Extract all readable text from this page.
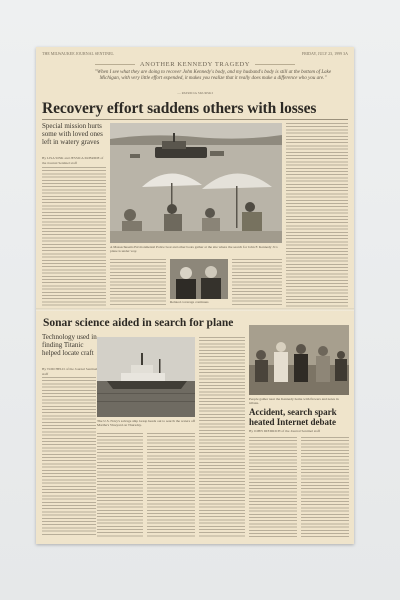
THE MILWAUKEE JOURNAL SENTINEL	FRIDAY, JULY 23, 1999 3A
ANOTHER KENNEDY TRAGEDY
"When I see what they are doing to recover John Kennedy's body, and my husband's body is still at the bottom of Lake Michigan, with very little effort expended, it makes you realize that it really does make a difference who you are."
— PATRICIA SKURSKI
Recovery effort saddens others with losses
Special mission hurts some with loved ones left in watery graves
By LISA SINK and JESSICA McBRIDE of the Journal Sentinel staff
A Massachusetts Environmental Police boat and other boats gather at the site where the search for John F. Kennedy Jr.'s plane is under way.
Related coverage continues
Sonar science aided in search for plane
Technology used in finding Titanic helped locate craft
By TOM HELD of the Journal Sentinel staff
The U.S. Navy's salvage ship Grasp heads out to search the waters off Martha's Vineyard on Thursday.
People gather near the Kennedy home with flowers and notes in tribute.
Accident, search spark heated Internet debate
By JOHN DIEDRICH of the Journal Sentinel staff
